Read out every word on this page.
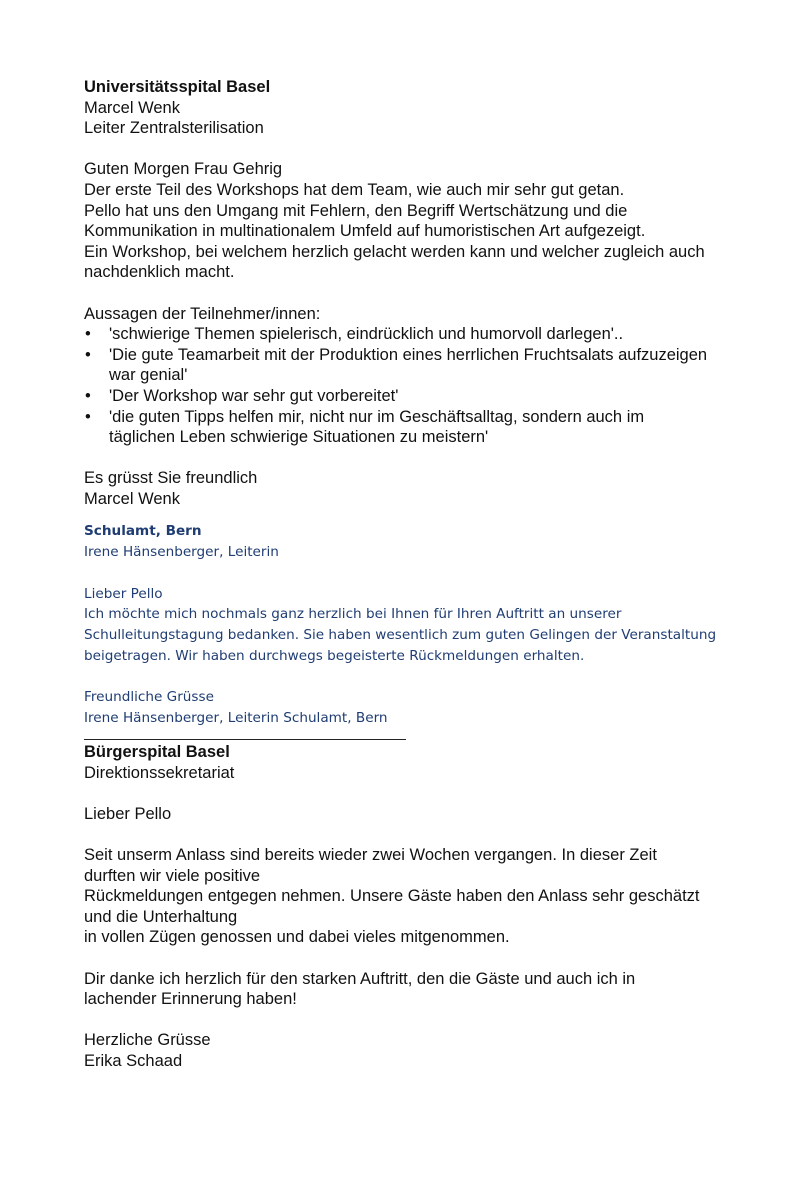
Universitätsspital Basel
Marcel Wenk
Leiter Zentralsterilisation
Guten Morgen Frau Gehrig
Der erste Teil des Workshops hat dem Team, wie auch mir sehr gut getan.
Pello hat uns den Umgang mit Fehlern, den Begriff Wertschätzung und die
Kommunikation in multinationalem Umfeld auf humoristischen Art aufgezeigt.
Ein Workshop, bei welchem herzlich gelacht werden kann und welcher zugleich auch
nachdenklich macht.
Aussagen der Teilnehmer/innen:
• 'schwierige Themen spielerisch, eindrücklich und humorvoll darlegen'..
• 'Die gute Teamarbeit mit der Produktion eines herrlichen Fruchtsalats aufzuzeigen war genial'
• 'Der Workshop war sehr gut vorbereitet'
• 'die guten Tipps helfen mir, nicht nur im Geschäftsalltag, sondern auch im täglichen Leben schwierige Situationen zu meistern'
Es grüsst Sie freundlich
Marcel Wenk
Schulamt, Bern
Irene Hänsenberger, Leiterin
Lieber Pello
Ich möchte mich nochmals ganz herzlich bei Ihnen für Ihren Auftritt an unserer
Schulleitungstagung bedanken. Sie haben wesentlich zum guten Gelingen der Veranstaltung
beigetragen. Wir haben durchwegs begeisterte Rückmeldungen erhalten.
Freundliche Grüsse
Irene Hänsenberger, Leiterin Schulamt, Bern
Bürgerspital Basel
Direktionssekretariat
Lieber Pello
Seit unserm Anlass sind bereits wieder zwei Wochen vergangen. In dieser Zeit
durften wir viele positive
Rückmeldungen entgegen nehmen. Unsere Gäste haben den Anlass sehr geschätzt
und die Unterhaltung
in vollen Zügen genossen und dabei vieles mitgenommen.
Dir danke ich herzlich für den starken Auftritt, den die Gäste und auch ich in
lachender Erinnerung haben!
Herzliche Grüsse
Erika Schaad
